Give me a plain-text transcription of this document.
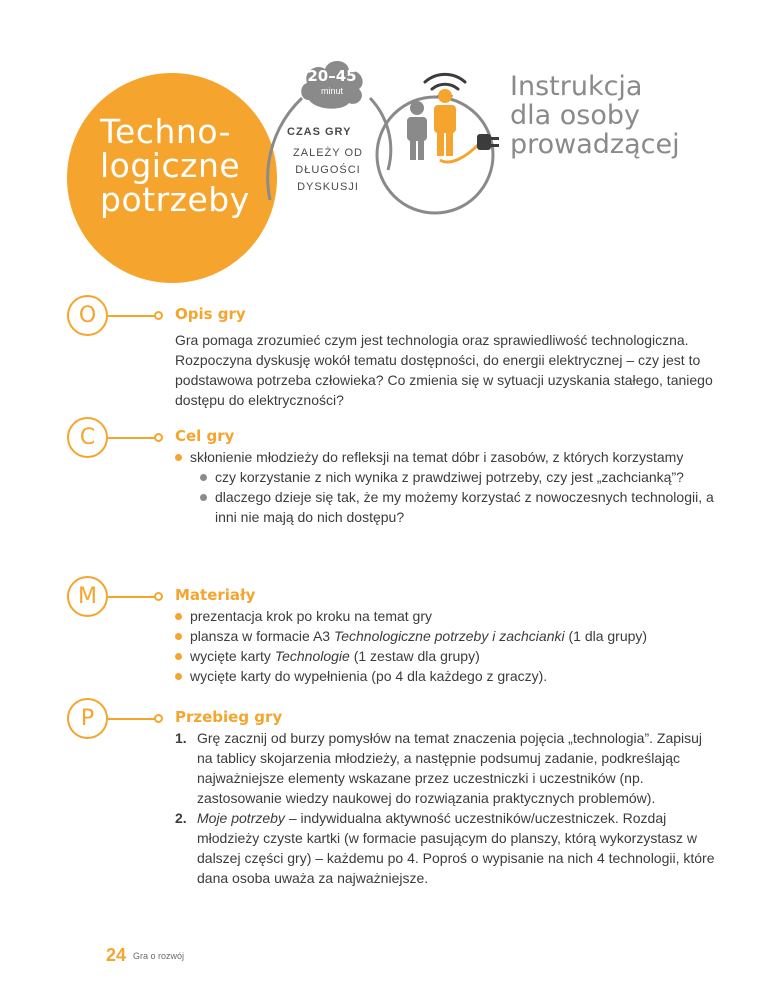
Techno-
logiczne
potrzeby
20–45
minut
CZAS GRY
ZALEŻY OD
DŁUGOŚCI
DYSKUSJI
Instrukcja
dla osoby
prowadzącej
O	Opis gry
Gra pomaga zrozumieć czym jest technologia oraz sprawiedliwość technologiczna. Rozpoczyna dyskusję wokół tematu dostępności, do energii elektrycznej – czy jest to podstawowa potrzeba człowieka? Co zmienia się w sytuacji uzyskania stałego, taniego dostępu do elektryczności?
C	Cel gry
skłonienie młodzieży do refleksji na temat dóbr i zasobów, z których korzystamy
czy korzystanie z nich wynika z prawdziwej potrzeby, czy jest „zachcianką”?
dlaczego dzieje się tak, że my możemy korzystać z nowoczesnych technologii, a inni nie mają do nich dostępu?
M	Materiały
prezentacja krok po kroku na temat gry
plansza w formacie A3 Technologiczne potrzeby i zachcianki (1 dla grupy)
wycięte karty Technologie (1 zestaw dla grupy)
wycięte karty do wypełnienia (po 4 dla każdego z graczy).
P	Przebieg gry
1. Grę zacznij od burzy pomysłów na temat znaczenia pojęcia „technologia”. Zapisuj na tablicy skojarzenia młodzieży, a następnie podsumuj zadanie, podkreślając najważniejsze elementy wskazane przez uczestniczki i uczestników (np. zastosowanie wiedzy naukowej do rozwiązania praktycznych problemów).
2. Moje potrzeby – indywidualna aktywność uczestników/uczestniczek. Rozdaj młodzieży czyste kartki (w formacie pasującym do planszy, którą wykorzystasz w dalszej części gry) – każdemu po 4. Poproś o wypisanie na nich 4 technologii, które dana osoba uważa za najważniejsze.
24 Gra o rozwój
